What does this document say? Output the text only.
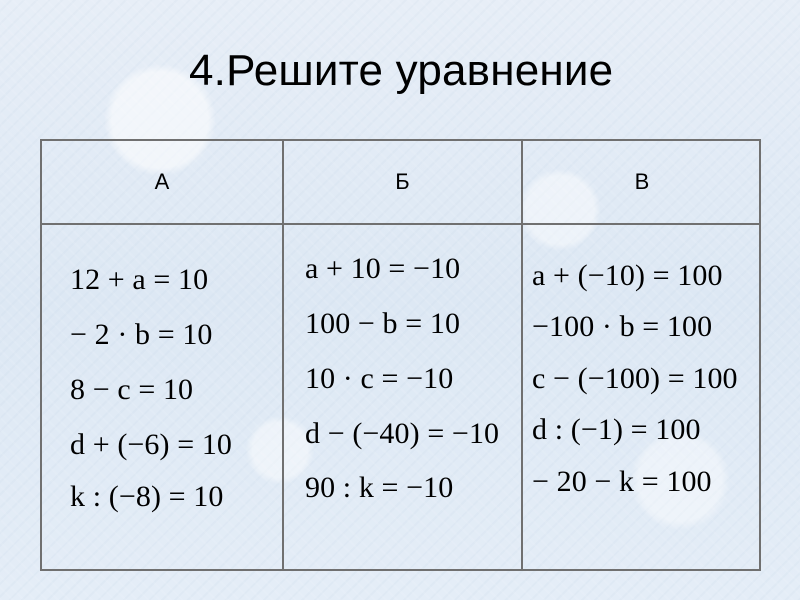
4.Решите уравнение
А	Б	В
12 + a = 10
− 2 · b = 10
8 − c = 10
d + (−6) = 10
k : (−8) = 10
a + 10 = −10
100 − b = 10
10 · c = −10
d − (−40) = −10
90 : k = −10
a + (−10) = 100
−100 · b = 100
c − (−100) = 100
d : (−1) = 100
− 20 − k = 100
